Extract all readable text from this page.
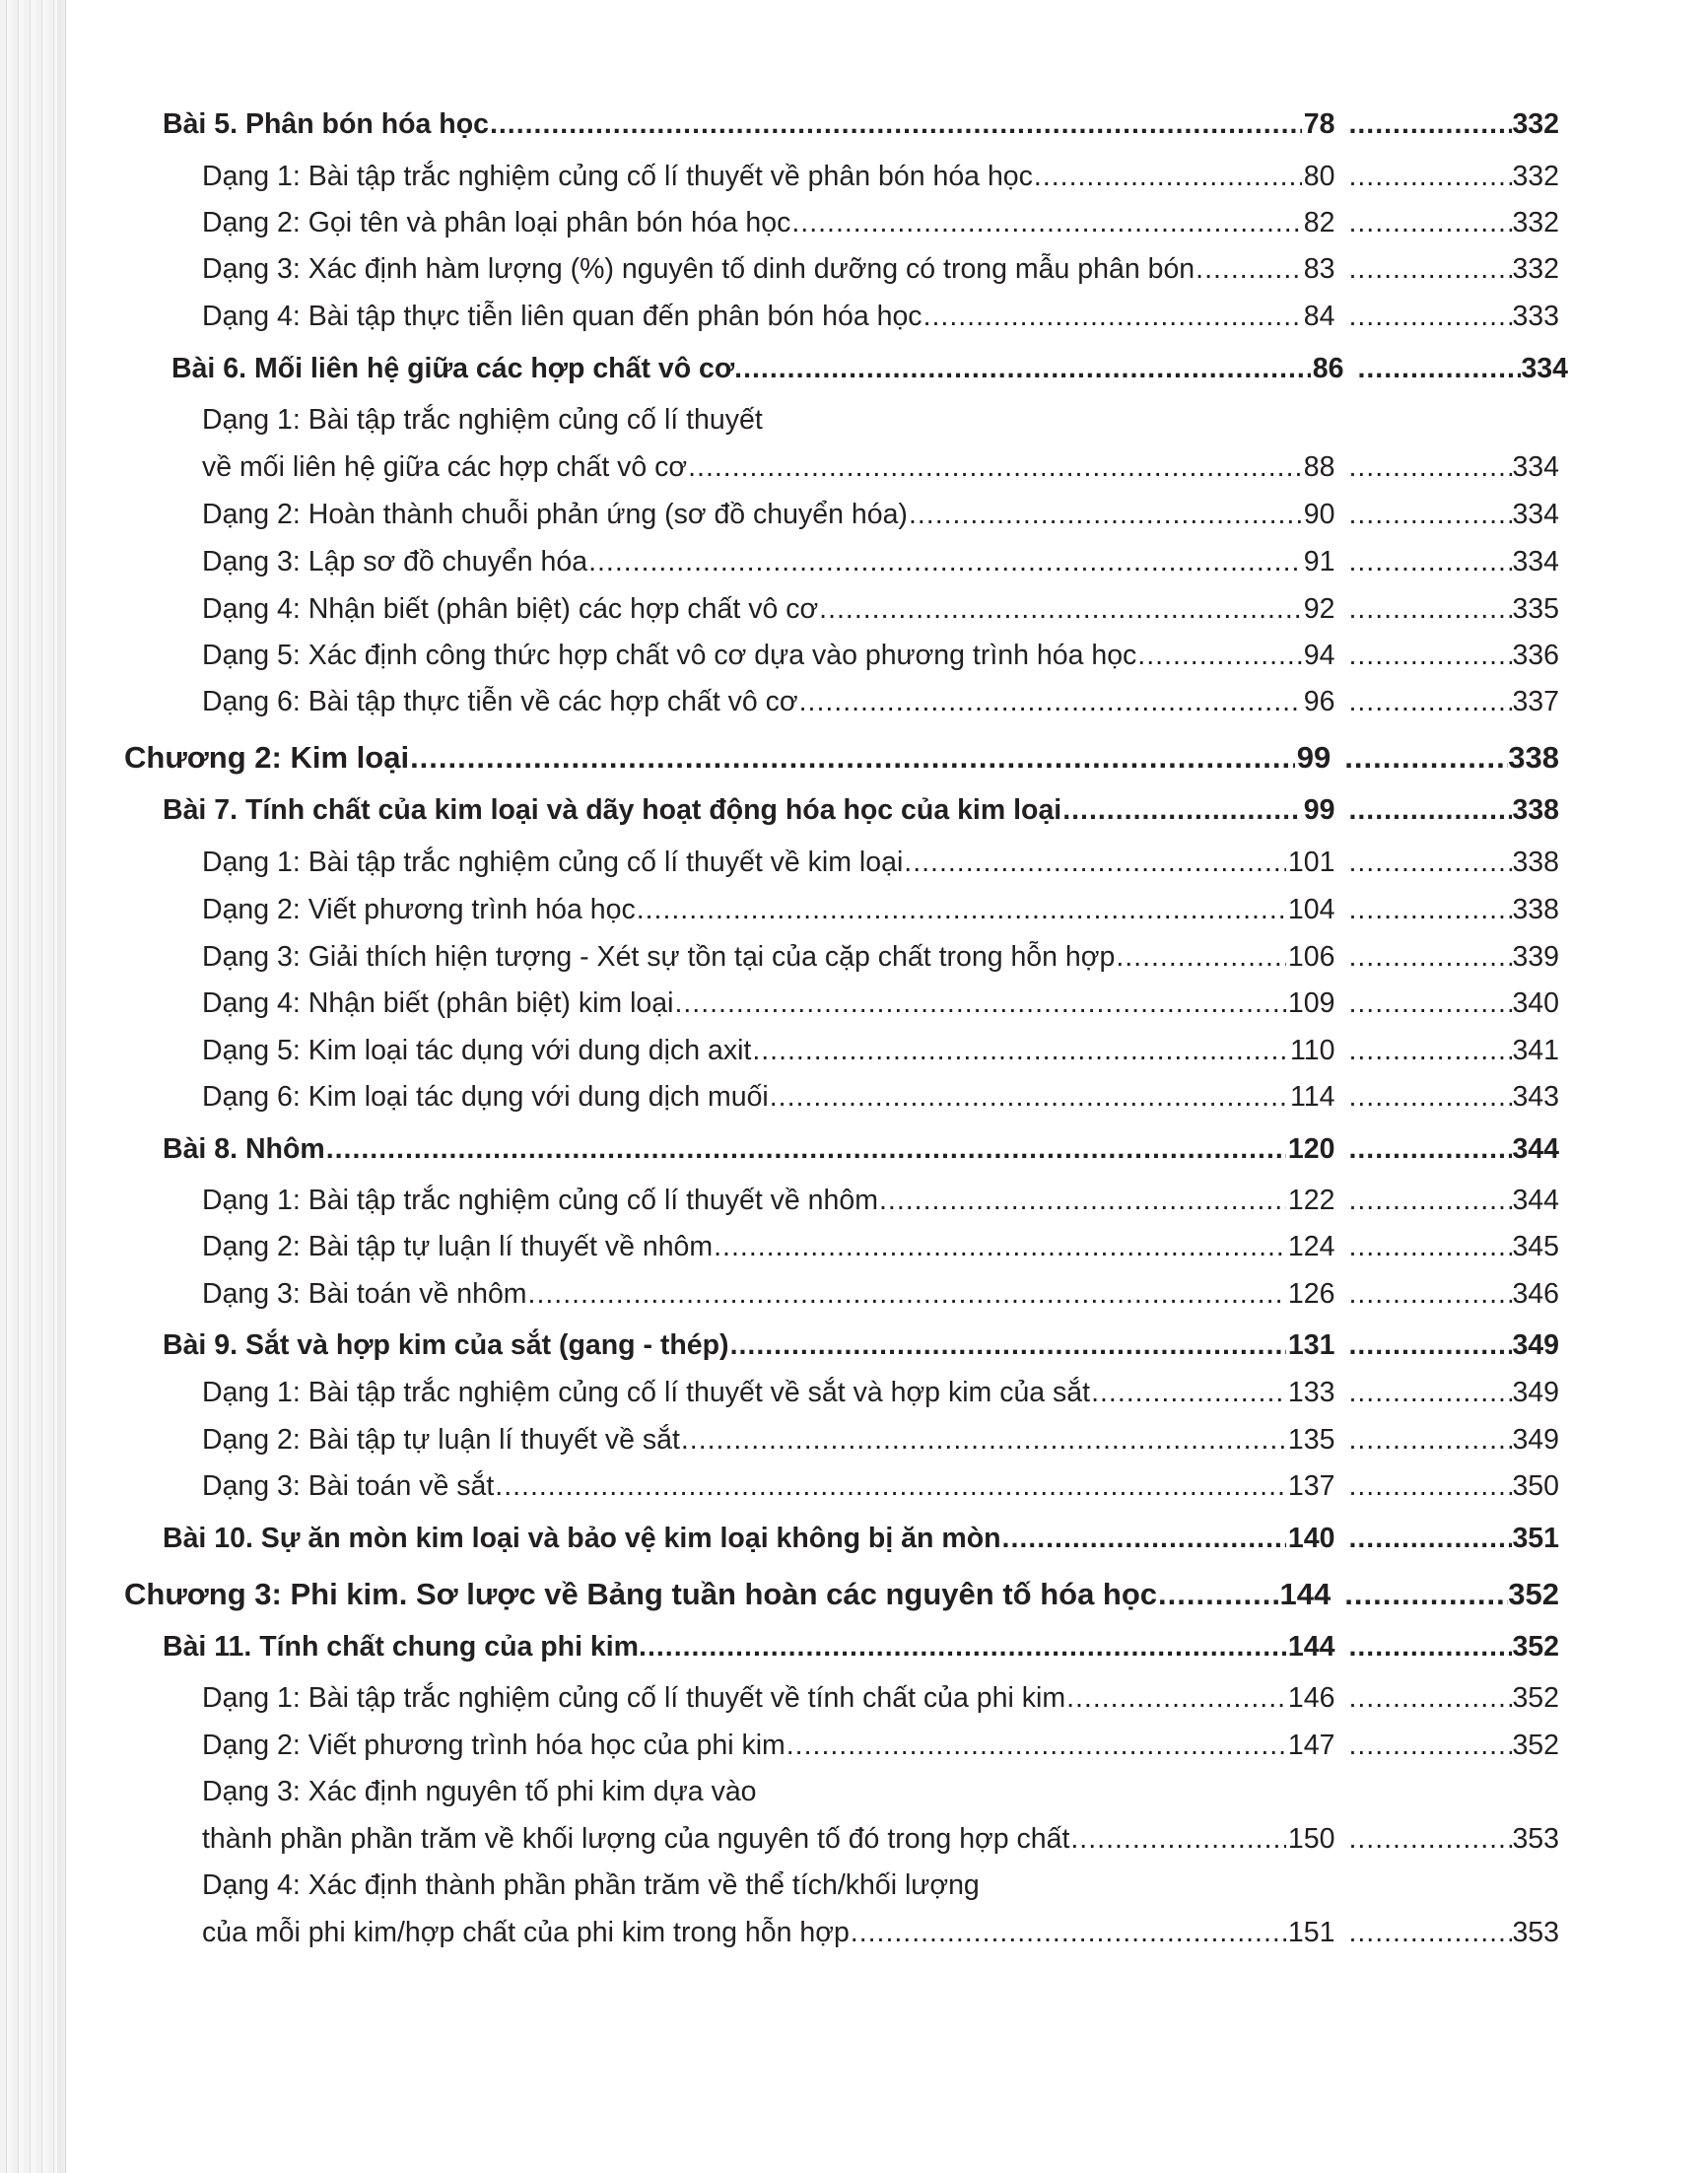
Bài 5. Phân bón hóa học .....	78 .....	332
Dạng 1: Bài tập trắc nghiệm củng cố lí thuyết về phân bón hóa học .....	80 .....	332
Dạng 2: Gọi tên và phân loại phân bón hóa học .....	82 .....	332
Dạng 3: Xác định hàm lượng (%) nguyên tố dinh dưỡng có trong mẫu phân bón .....	83 .....	332
Dạng 4: Bài tập thực tiễn liên quan đến phân bón hóa học .....	84 .....	333
Bài 6. Mối liên hệ giữa các hợp chất vô cơ. .....	86 .....	334
Dạng 1: Bài tập trắc nghiệm củng cố lí thuyết
về mối liên hệ giữa các hợp chất vô cơ .....	88 .....	334
Dạng 2: Hoàn thành chuỗi phản ứng (sơ đồ chuyển hóa) .....	90 .....	334
Dạng 3: Lập sơ đồ chuyển hóa .....	91 .....	334
Dạng 4: Nhận biết (phân biệt) các hợp chất vô cơ .....	92 .....	335
Dạng 5: Xác định công thức hợp chất vô cơ dựa vào phương trình hóa học .....	94 .....	336
Dạng 6: Bài tập thực tiễn về các hợp chất vô cơ .....	96 .....	337
Chương 2: Kim loại .....	99 .....	338
Bài 7. Tính chất của kim loại và dãy hoạt động hóa học của kim loại .....	99 .....	338
Dạng 1: Bài tập trắc nghiệm củng cố lí thuyết về kim loại .....	101 .....	338
Dạng 2: Viết phương trình hóa học .....	104 .....	338
Dạng 3: Giải thích hiện tượng - Xét sự tồn tại của cặp chất trong hỗn hợp .....	106 .....	339
Dạng 4: Nhận biết (phân biệt) kim loại .....	109 .....	340
Dạng 5: Kim loại tác dụng với dung dịch axit .....	110 .....	341
Dạng 6: Kim loại tác dụng với dung dịch muối .....	114 .....	343
Bài 8. Nhôm .....	120 .....	344
Dạng 1: Bài tập trắc nghiệm củng cố lí thuyết về nhôm .....	122 .....	344
Dạng 2: Bài tập tự luận lí thuyết về nhôm .....	124 .....	345
Dạng 3: Bài toán về nhôm .....	126 .....	346
Bài 9. Sắt và hợp kim của sắt (gang - thép) .....	131 .....	349
Dạng 1: Bài tập trắc nghiệm củng cố lí thuyết về sắt và hợp kim của sắt .....	133 .....	349
Dạng 2: Bài tập tự luận lí thuyết về sắt .....	135 .....	349
Dạng 3: Bài toán về sắt .....	137 .....	350
Bài 10. Sự ăn mòn kim loại và bảo vệ kim loại không bị ăn mòn .....	140 .....	351
Chương 3: Phi kim. Sơ lược về Bảng tuần hoàn các nguyên tố hóa học .....	144 .....	352
Bài 11. Tính chất chung của phi kim. .....	144 .....	352
Dạng 1: Bài tập trắc nghiệm củng cố lí thuyết về tính chất của phi kim .....	146 .....	352
Dạng 2: Viết phương trình hóa học của phi kim .....	147 .....	352
Dạng 3: Xác định nguyên tố phi kim dựa vào
thành phần phần trăm về khối lượng của nguyên tố đó trong hợp chất .....	150 .....	353
Dạng 4: Xác định thành phần phần trăm về thể tích/khối lượng
của mỗi phi kim/hợp chất của phi kim trong hỗn hợp .....	151 .....	353
